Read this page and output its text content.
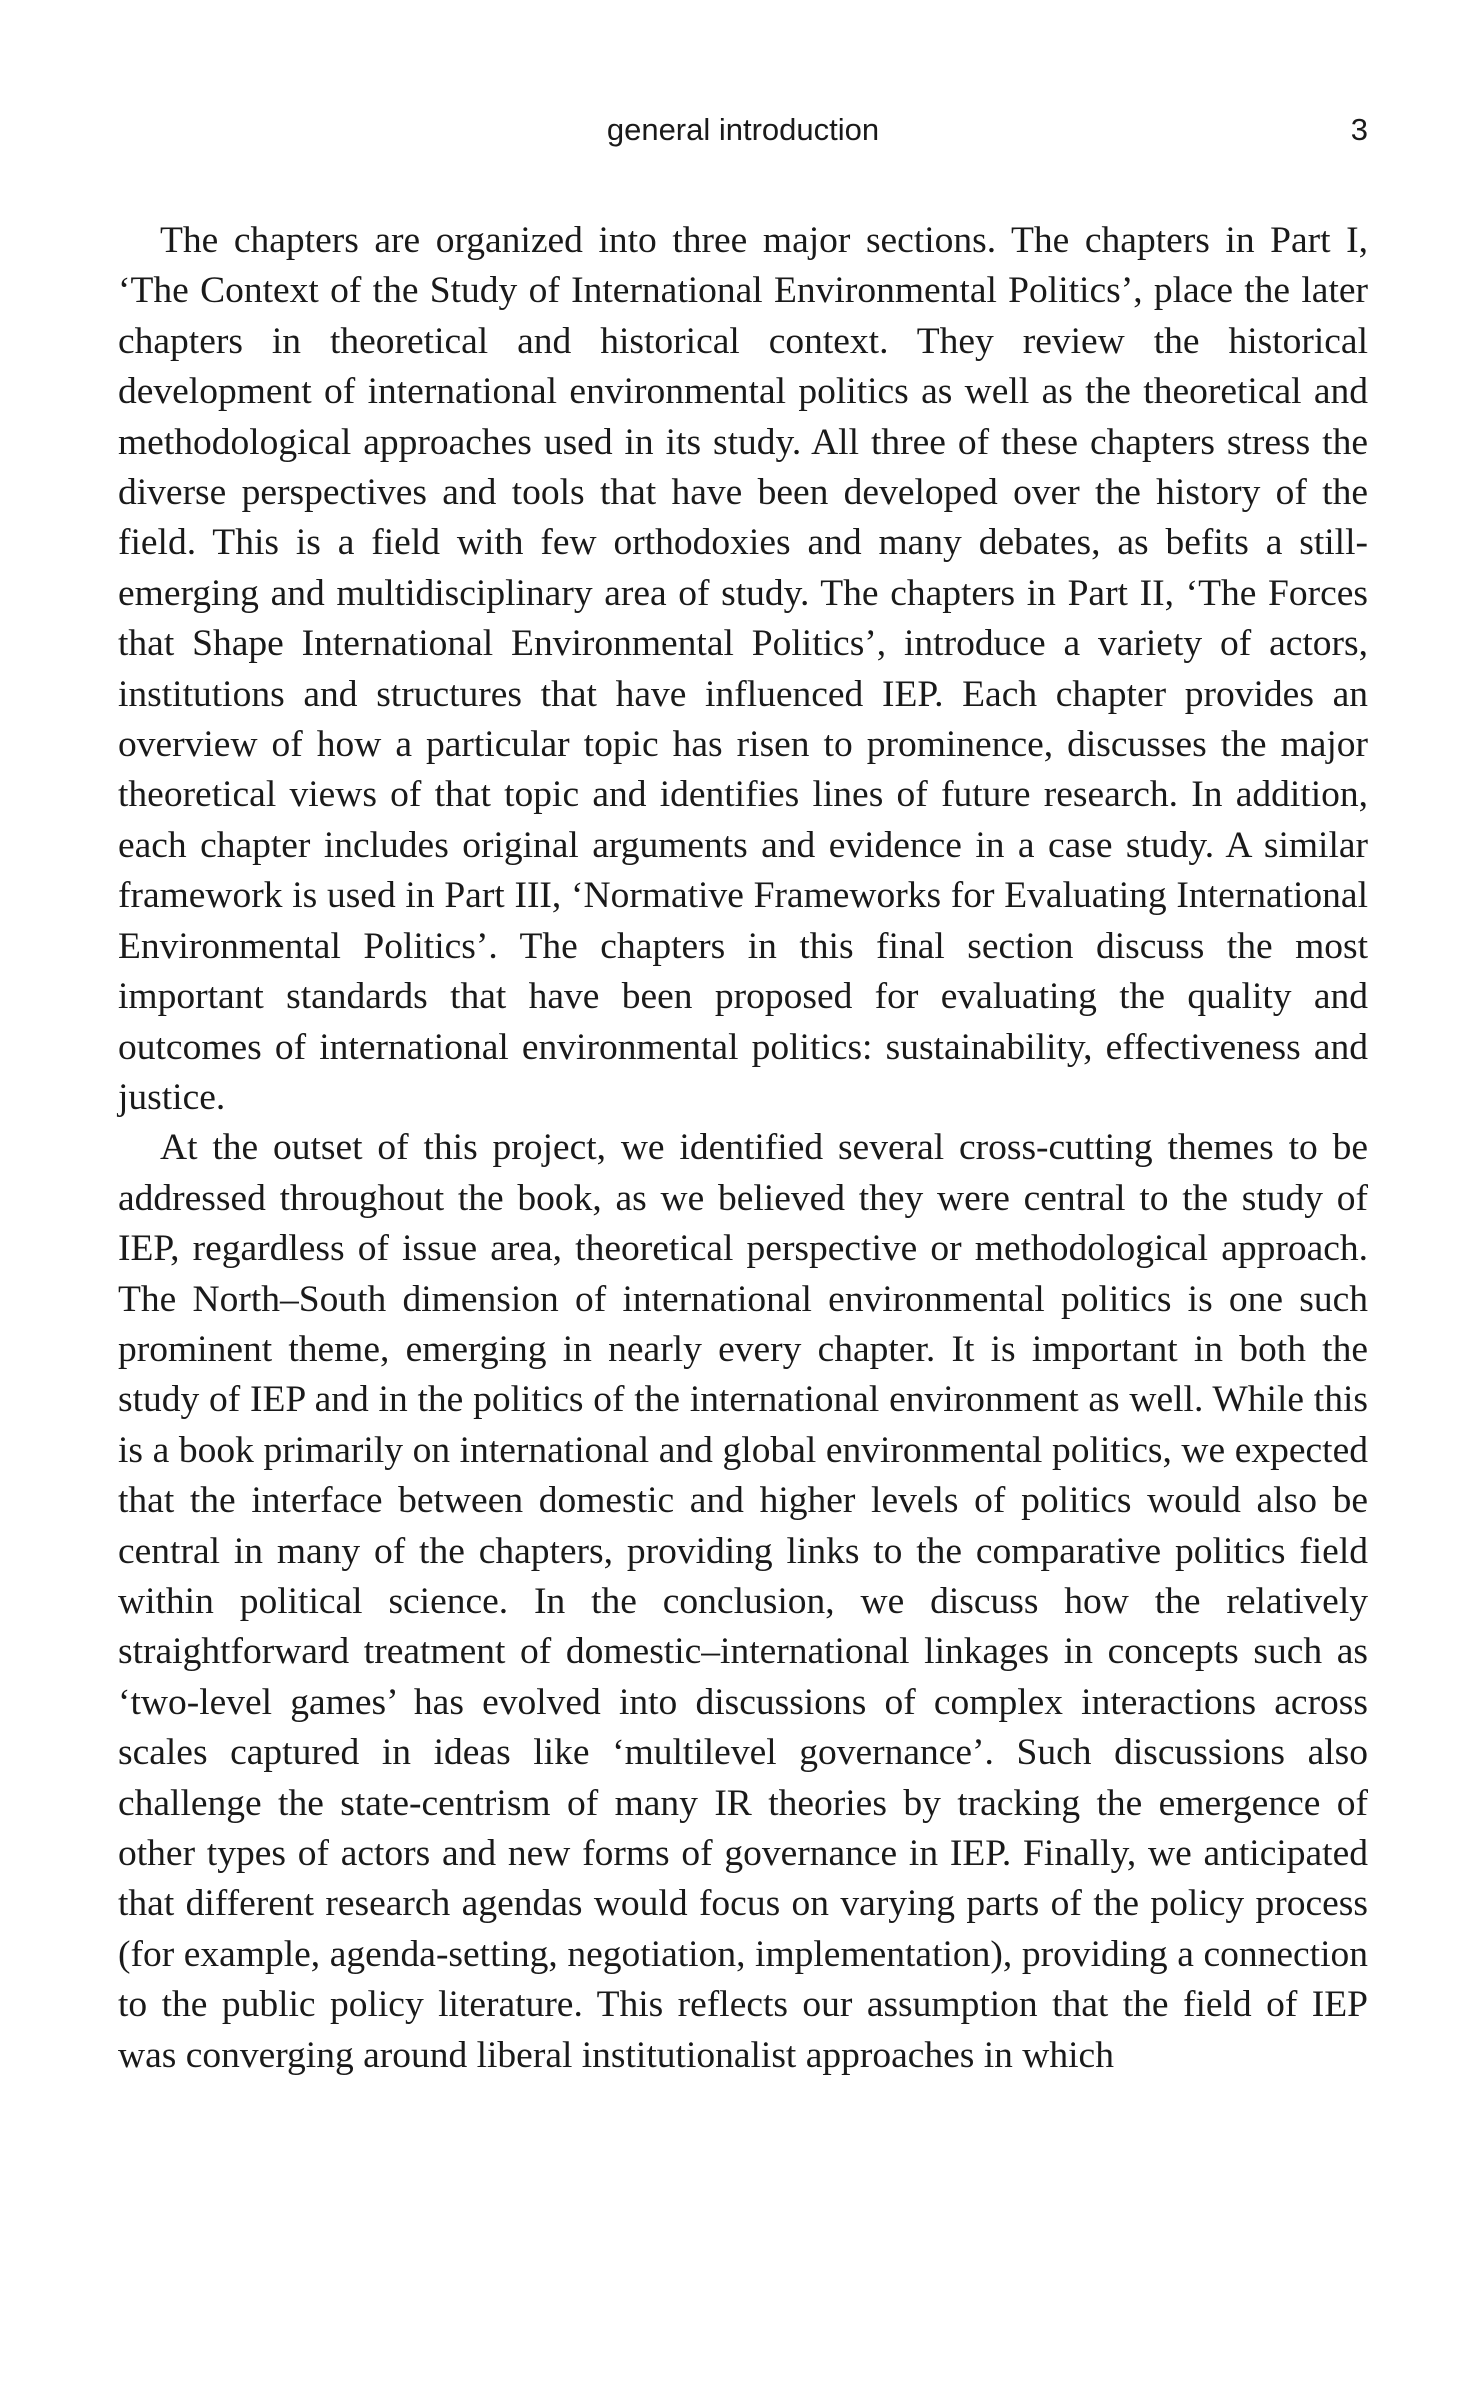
general introduction	3

The chapters are organized into three major sections. The chapters in Part I, ‘The Context of the Study of International Environmental Politics’, place the later chapters in theoretical and historical context. They review the historical development of international environmental politics as well as the theoretical and methodological approaches used in its study. All three of these chapters stress the diverse perspectives and tools that have been developed over the history of the field. This is a field with few orthodoxies and many debates, as befits a still-emerging and multidisciplinary area of study. The chapters in Part II, ‘The Forces that Shape International Environmental Politics’, introduce a variety of actors, institutions and structures that have influenced IEP. Each chapter provides an overview of how a particular topic has risen to prominence, discusses the major theoretical views of that topic and identifies lines of future research. In addition, each chapter includes original arguments and evidence in a case study. A similar framework is used in Part III, ‘Normative Frameworks for Evaluating International Environmental Politics’. The chapters in this final section discuss the most important standards that have been proposed for evaluating the quality and outcomes of international environmental politics: sustainability, effectiveness and justice.

At the outset of this project, we identified several cross-cutting themes to be addressed throughout the book, as we believed they were central to the study of IEP, regardless of issue area, theoretical perspective or methodological approach. The North–South dimension of international environmental politics is one such prominent theme, emerging in nearly every chapter. It is important in both the study of IEP and in the politics of the international environment as well. While this is a book primarily on international and global environmental politics, we expected that the interface between domestic and higher levels of politics would also be central in many of the chapters, providing links to the comparative politics field within political science. In the conclusion, we discuss how the relatively straightforward treatment of domestic–international linkages in concepts such as ‘two-level games’ has evolved into discussions of complex interactions across scales captured in ideas like ‘multilevel governance’. Such discussions also challenge the state-centrism of many IR theories by tracking the emergence of other types of actors and new forms of governance in IEP. Finally, we anticipated that different research agendas would focus on varying parts of the policy process (for example, agenda-setting, negotiation, implementation), providing a connection to the public policy literature. This reflects our assumption that the field of IEP was converging around liberal institutionalist approaches in which
